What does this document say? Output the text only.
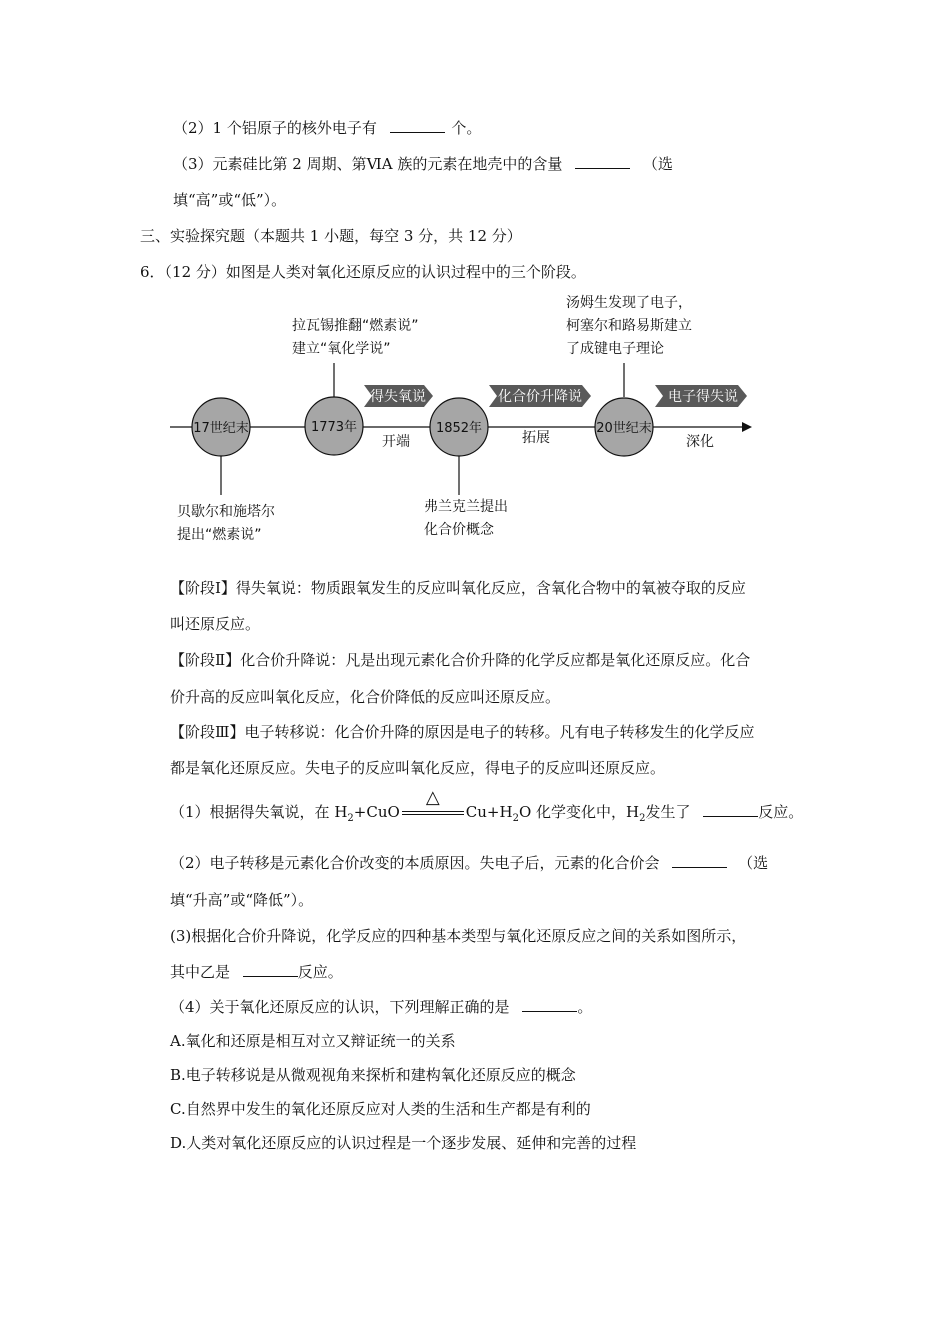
（2）1 个铝原子的核外电子有	个。
（3）元素硅比第 2 周期、第ⅥA 族的元素在地壳中的含量	（选
填“高”或“低”）。
三、实验探究题（本题共 1 小题，每空 3 分，共 12 分）
6．（12 分）如图是人类对氧化还原反应的认识过程中的三个阶段。
17世纪末	1773年	1852年	20世纪末
得失氧说	化合价升降说	电子得失说
开端	拓展	深化
贝歇尔和施塔尔
提出“燃素说”
拉瓦锡推翻“燃素说”
建立“氧化学说”
弗兰克兰提出
化合价概念
汤姆生发现了电子，
柯塞尔和路易斯建立
了成键电子理论
【阶段Ⅰ】得失氧说：物质跟氧发生的反应叫氧化反应，含氧化合物中的氧被夺取的反应
叫还原反应。
【阶段Ⅱ】化合价升降说：凡是出现元素化合价升降的化学反应都是氧化还原反应。化合
价升高的反应叫氧化反应，化合价降低的反应叫还原反应。
【阶段Ⅲ】电子转移说：化合价升降的原因是电子的转移。凡有电子转移发生的化学反应
都是氧化还原反应。失电子的反应叫氧化反应，得电子的反应叫还原反应。
（1）根据得失氧说，在 $H_2+CuO$
△
$Cu+H_2O$ 化学变化中，$H_2$发生了	反应。
（2）电子转移是元素化合价改变的本质原因。失电子后，元素的化合价会	（选
填“升高”或“降低”）。
(3)根据化合价升降说，化学反应的四种基本类型与氧化还原反应之间的关系如图所示，
其中乙是	反应。
（4）关于氧化还原反应的认识，下列理解正确的是	。
A.氧化和还原是相互对立又辩证统一的关系
B.电子转移说是从微观视角来探析和建构氧化还原反应的概念
C.自然界中发生的氧化还原反应对人类的生活和生产都是有利的
D.人类对氧化还原反应的认识过程是一个逐步发展、延伸和完善的过程
